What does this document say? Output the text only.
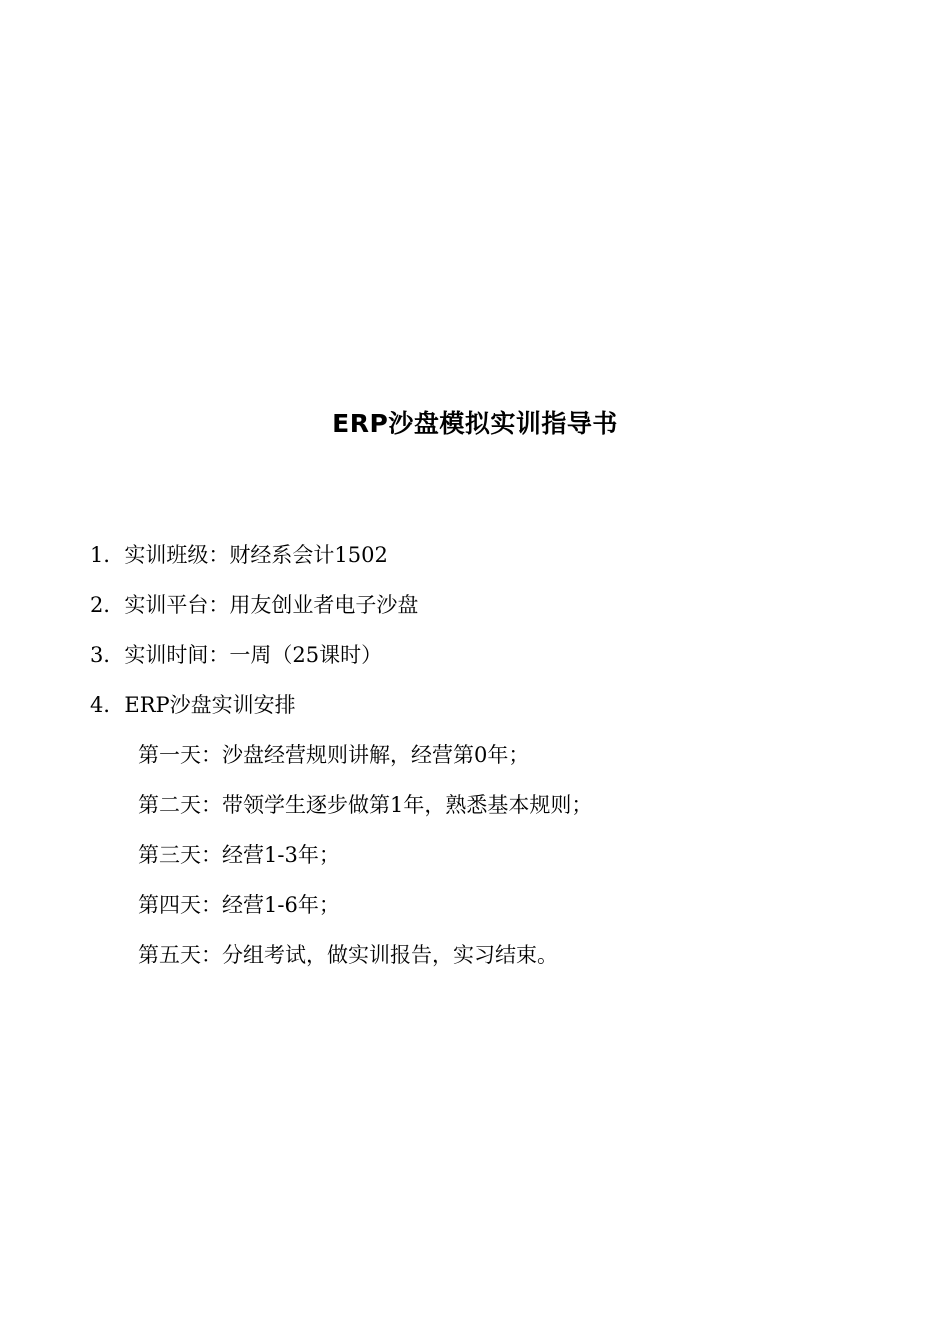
ERP沙盘模拟实训指导书
1．实训班级：财经系会计1502
2．实训平台：用友创业者电子沙盘
3．实训时间：一周（25课时）
4．ERP沙盘实训安排
第一天：沙盘经营规则讲解，经营第0年；
第二天：带领学生逐步做第1年，熟悉基本规则；
第三天：经营1-3年；
第四天：经营1-6年；
第五天：分组考试，做实训报告，实习结束。
